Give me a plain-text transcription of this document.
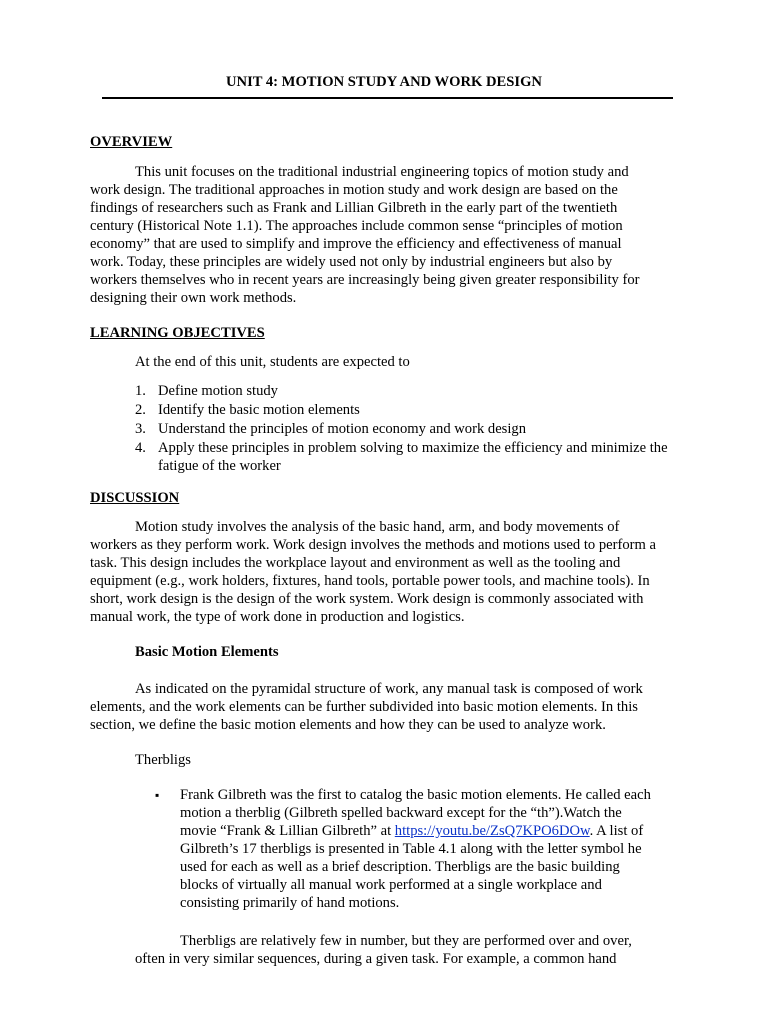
UNIT 4: MOTION STUDY AND WORK DESIGN
OVERVIEW
This unit focuses on the traditional industrial engineering topics of motion study and
work design. The traditional approaches in motion study and work design are based on the
findings of researchers such as Frank and Lillian Gilbreth in the early part of the twentieth
century (Historical Note 1.1). The approaches include common sense “principles of motion
economy” that are used to simplify and improve the efficiency and effectiveness of manual
work. Today, these principles are widely used not only by industrial engineers but also by
workers themselves who in recent years are increasingly being given greater responsibility for
designing their own work methods.
LEARNING OBJECTIVES
At the end of this unit, students are expected to
1. Define motion study
2. Identify the basic motion elements
3. Understand the principles of motion economy and work design
4. Apply these principles in problem solving to maximize the efficiency and minimize the fatigue of the worker
DISCUSSION
Motion study involves the analysis of the basic hand, arm, and body movements of
workers as they perform work. Work design involves the methods and motions used to perform a
task. This design includes the workplace layout and environment as well as the tooling and
equipment (e.g., work holders, fixtures, hand tools, portable power tools, and machine tools). In
short, work design is the design of the work system. Work design is commonly associated with
manual work, the type of work done in production and logistics.
Basic Motion Elements
As indicated on the pyramidal structure of work, any manual task is composed of work
elements, and the work elements can be further subdivided into basic motion elements. In this
section, we define the basic motion elements and how they can be used to analyze work.
Therbligs
▪ Frank Gilbreth was the first to catalog the basic motion elements. He called each
motion a therblig (Gilbreth spelled backward except for the “th”).Watch the
movie “Frank & Lillian Gilbreth” at https://youtu.be/ZsQ7KPO6DOw. A list of
Gilbreth’s 17 therbligs is presented in Table 4.1 along with the letter symbol he
used for each as well as a brief description. Therbligs are the basic building
blocks of virtually all manual work performed at a single workplace and
consisting primarily of hand motions.
Therbligs are relatively few in number, but they are performed over and over,
often in very similar sequences, during a given task. For example, a common hand
